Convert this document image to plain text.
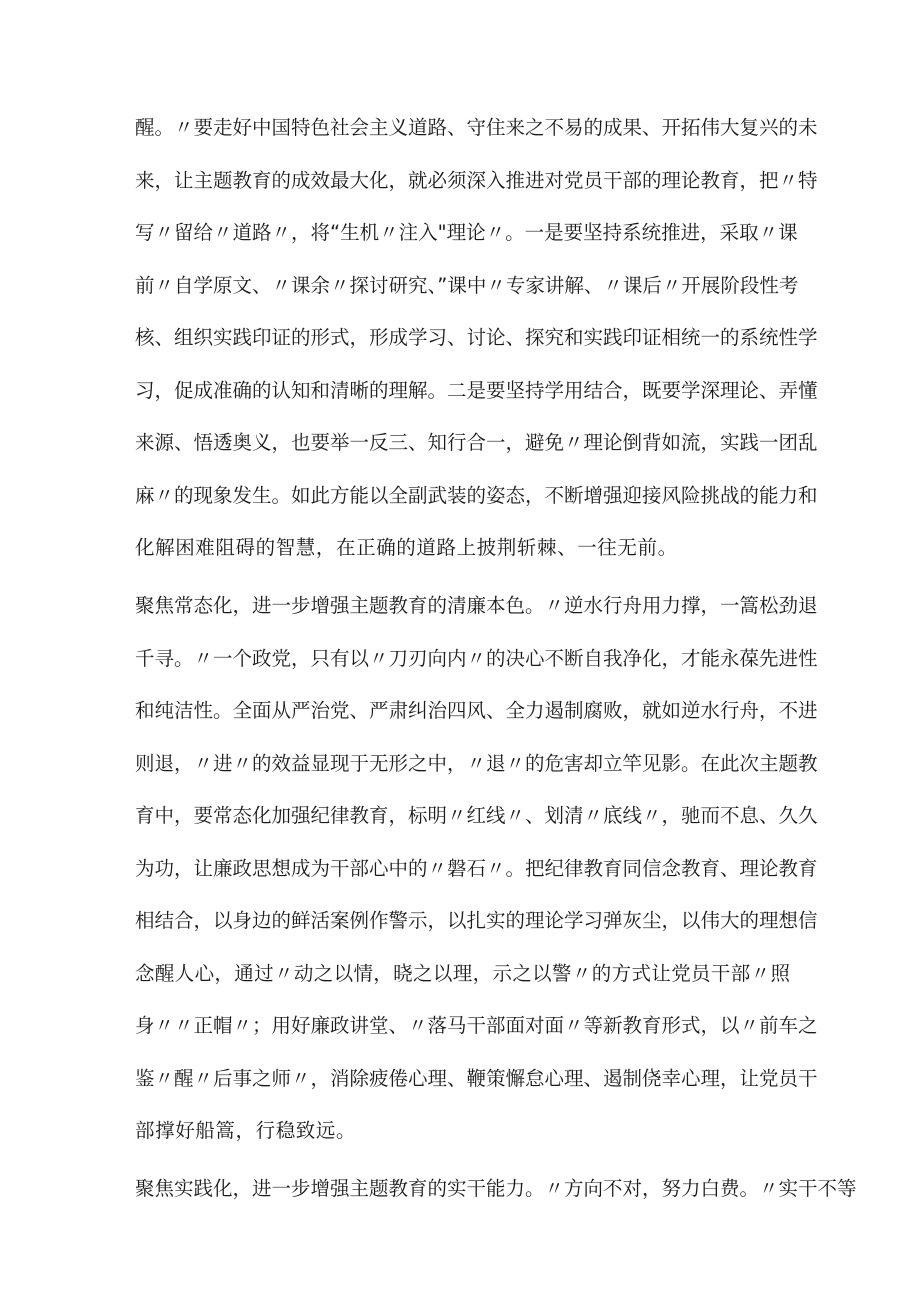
醒。〃要走好中国特色社会主义道路、守住来之不易的成果、开拓伟大复兴的未
来，让主题教育的成效最大化，就必须深入推进对党员干部的理论教育，把〃特
写〃留给〃道路〃，将“生机〃注入"理论〃。一是要坚持系统推进，采取〃课
前〃自学原文、〃课余〃探讨研究、”课中〃专家讲解、〃课后〃开展阶段性考
核、组织实践印证的形式，形成学习、讨论、探究和实践印证相统一的系统性学
习，促成准确的认知和清晰的理解。二是要坚持学用结合，既要学深理论、弄懂
来源、悟透奥义，也要举一反三、知行合一，避免〃理论倒背如流，实践一团乱
麻〃的现象发生。如此方能以全副武装的姿态，不断增强迎接风险挑战的能力和
化解困难阻碍的智慧，在正确的道路上披荆斩棘、一往无前。
聚焦常态化，进一步增强主题教育的清廉本色。〃逆水行舟用力撑，一篙松劲退
千寻。〃一个政党，只有以〃刀刃向内〃的决心不断自我净化，才能永葆先进性
和纯洁性。全面从严治党、严肃纠治四风、全力遏制腐败，就如逆水行舟，不进
则退，〃进〃的效益显现于无形之中，〃退〃的危害却立竿见影。在此次主题教
育中，要常态化加强纪律教育，标明〃红线〃、划清〃底线〃，驰而不息、久久
为功，让廉政思想成为干部心中的〃磐石〃。把纪律教育同信念教育、理论教育
相结合，以身边的鲜活案例作警示，以扎实的理论学习弹灰尘，以伟大的理想信
念醒人心，通过〃动之以情，晓之以理，示之以警〃的方式让党员干部〃照
身〃〃正帽〃；用好廉政讲堂、〃落马干部面对面〃等新教育形式，以〃前车之
鉴〃醒〃后事之师〃，消除疲倦心理、鞭策懈怠心理、遏制侥幸心理，让党员干
部撑好船篙，行稳致远。
聚焦实践化，进一步增强主题教育的实干能力。〃方向不对，努力白费。〃实干不等
